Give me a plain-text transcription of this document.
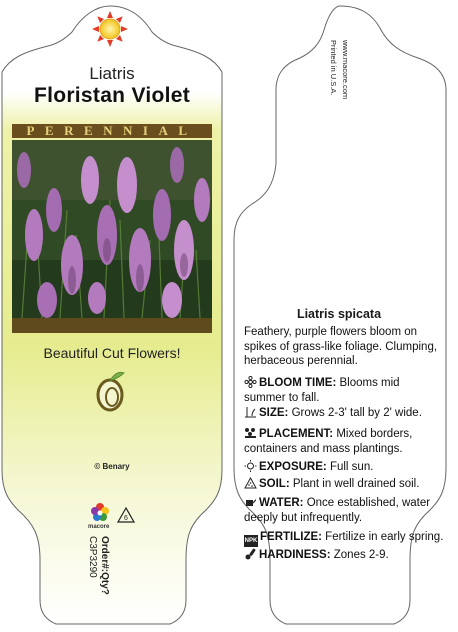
6
Liatris
Floristan Violet
PERENNIAL
Beautiful Cut Flowers!
© Benary
macore
Order#:Qty?
C3P3290
Printed in U.S.A. www.macore.com
Liatris spicata
Feathery, purple flowers bloom on spikes of grass-like foliage. Clumping, herbaceous perennial.
BLOOM TIME: Blooms mid summer to fall.
SIZE: Grows 2-3' tall by 2' wide.
PLACEMENT: Mixed borders, containers and mass plantings.
EXPOSURE: Full sun.
SOIL: Plant in well drained soil.
WATER: Once established, water deeply but infrequently.
NPK FERTILIZE: Fertilize in early spring.
HARDINESS: Zones 2-9.
